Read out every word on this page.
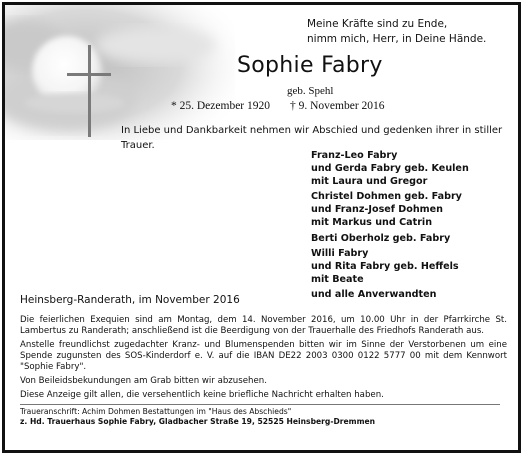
Meine Kräfte sind zu Ende,
nimm mich, Herr, in Deine Hände.
Sophie Fabry
geb. Spehl
* 25. Dezember 1920 † 9. November 2016
In Liebe und Dankbarkeit nehmen wir Abschied und gedenken ihrer in stiller Trauer.
Franz-Leo Fabry
und Gerda Fabry geb. Keulen
mit Laura und Gregor
Christel Dohmen geb. Fabry
und Franz-Josef Dohmen
mit Markus und Catrin
Berti Oberholz geb. Fabry
Willi Fabry
und Rita Fabry geb. Heffels
mit Beate
und alle Anverwandten
Heinsberg-Randerath, im November 2016
Die feierlichen Exequien sind am Montag, dem 14. November 2016, um 10.00 Uhr in der Pfarrkirche St. Lambertus zu Randerath; anschließend ist die Beerdigung von der Trauerhalle des Friedhofs Randerath aus.
Anstelle freundlichst zugedachter Kranz- und Blumenspenden bitten wir im Sinne der Verstorbenen um eine Spende zugunsten des SOS-Kinderdorf e. V. auf die IBAN DE22 2003 0300 0122 5777 00 mit dem Kennwort "Sophie Fabry".
Von Beileidsbekundungen am Grab bitten wir abzusehen.
Diese Anzeige gilt allen, die versehentlich keine briefliche Nachricht erhalten haben.
Traueranschrift: Achim Dohmen Bestattungen im "Haus des Abschieds"
z. Hd. Trauerhaus Sophie Fabry, Gladbacher Straße 19, 52525 Heinsberg-Dremmen
